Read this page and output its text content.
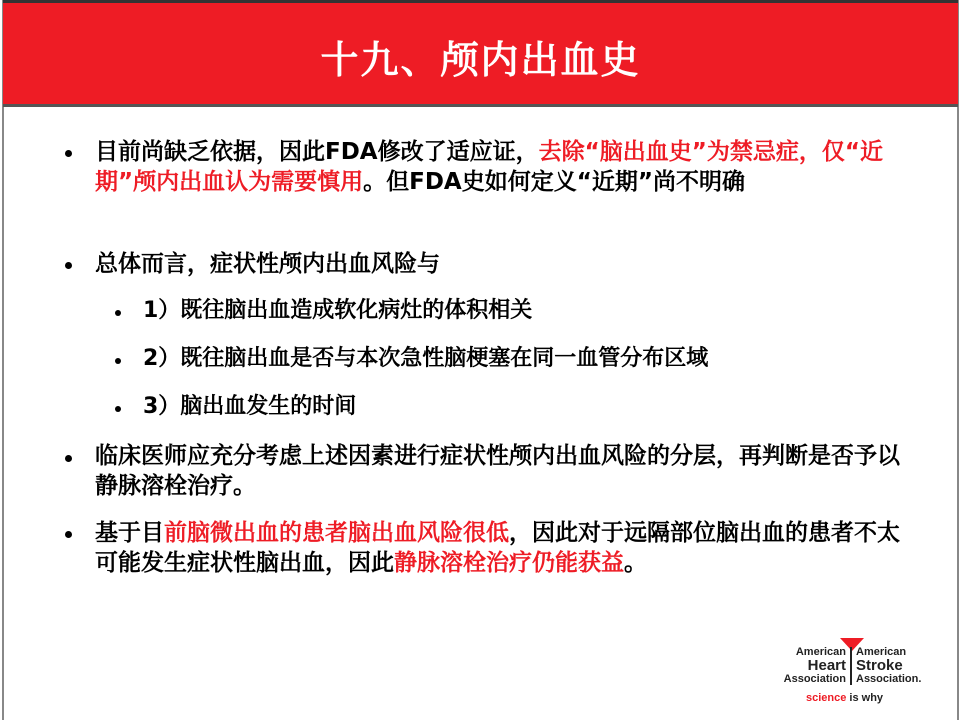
十九、颅内出血史
目前尚缺乏依据，因此FDA修改了适应证，去除“脑出血史”为禁忌症，仅“近期”颅内出血认为需要慎用。但FDA史如何定义“近期”尚不明确
总体而言，症状性颅内出血风险与
1）既往脑出血造成软化病灶的体积相关
2）既往脑出血是否与本次急性脑梗塞在同一血管分布区域
3）脑出血发生的时间
临床医师应充分考虑上述因素进行症状性颅内出血风险的分层，再判断是否予以静脉溶栓治疗。
基于目前脑微出血的患者脑出血风险很低，因此对于远隔部位脑出血的患者不太可能发生症状性脑出血，因此静脉溶栓治疗仍能获益。
American
Heart
Association
American
Stroke
Association.
science is why
